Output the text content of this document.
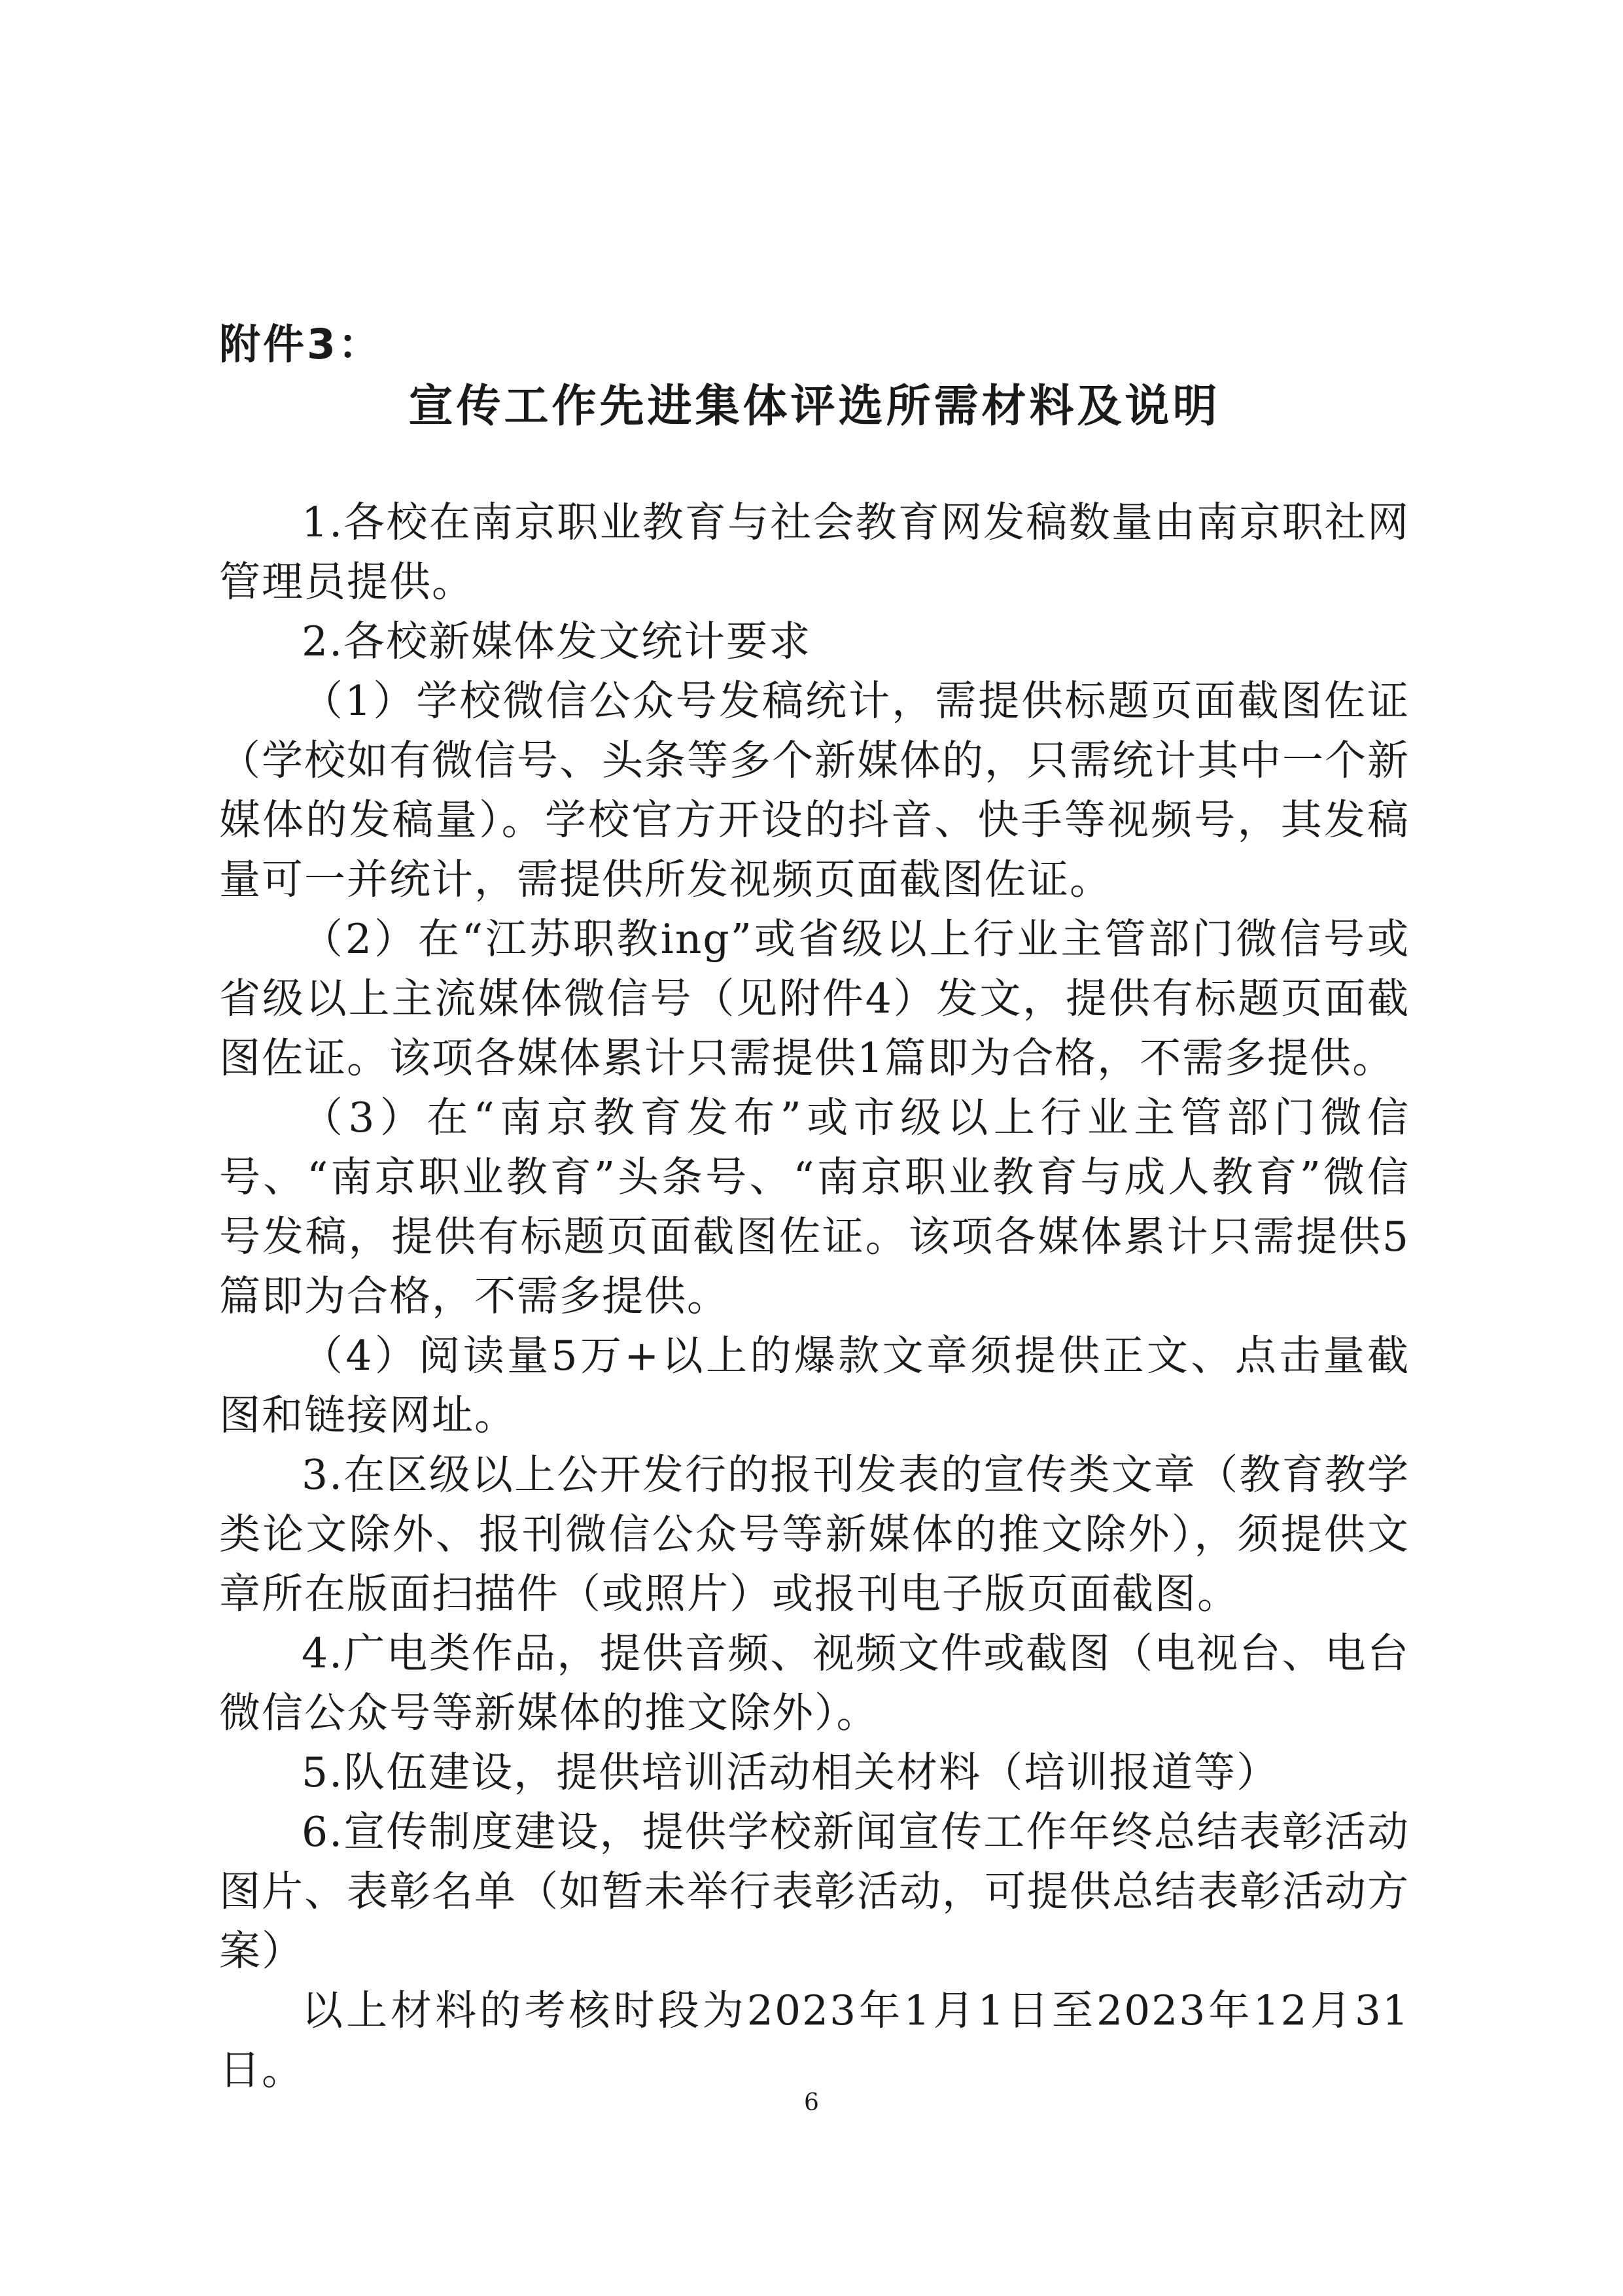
附件3：
宣传工作先进集体评选所需材料及说明

1.各校在南京职业教育与社会教育网发稿数量由南京职社网管理员提供。

2.各校新媒体发文统计要求

（1）学校微信公众号发稿统计，需提供标题页面截图佐证（学校如有微信号、头条等多个新媒体的，只需统计其中一个新媒体的发稿量）。学校官方开设的抖音、快手等视频号，其发稿量可一并统计，需提供所发视频页面截图佐证。

（2）在“江苏职教ing”或省级以上行业主管部门微信号或省级以上主流媒体微信号（见附件4）发文，提供有标题页面截图佐证。该项各媒体累计只需提供1篇即为合格，不需多提供。

（3）在“南京教育发布”或市级以上行业主管部门微信号、“南京职业教育”头条号、“南京职业教育与成人教育”微信号发稿，提供有标题页面截图佐证。该项各媒体累计只需提供5篇即为合格，不需多提供。

（4）阅读量5万+以上的爆款文章须提供正文、点击量截图和链接网址。

3.在区级以上公开发行的报刊发表的宣传类文章（教育教学类论文除外、报刊微信公众号等新媒体的推文除外），须提供文章所在版面扫描件（或照片）或报刊电子版页面截图。

4.广电类作品，提供音频、视频文件或截图（电视台、电台微信公众号等新媒体的推文除外）。

5.队伍建设，提供培训活动相关材料（培训报道等）

6.宣传制度建设，提供学校新闻宣传工作年终总结表彰活动图片、表彰名单（如暂未举行表彰活动，可提供总结表彰活动方案）

以上材料的考核时段为2023年1月1日至2023年12月31日。

6
